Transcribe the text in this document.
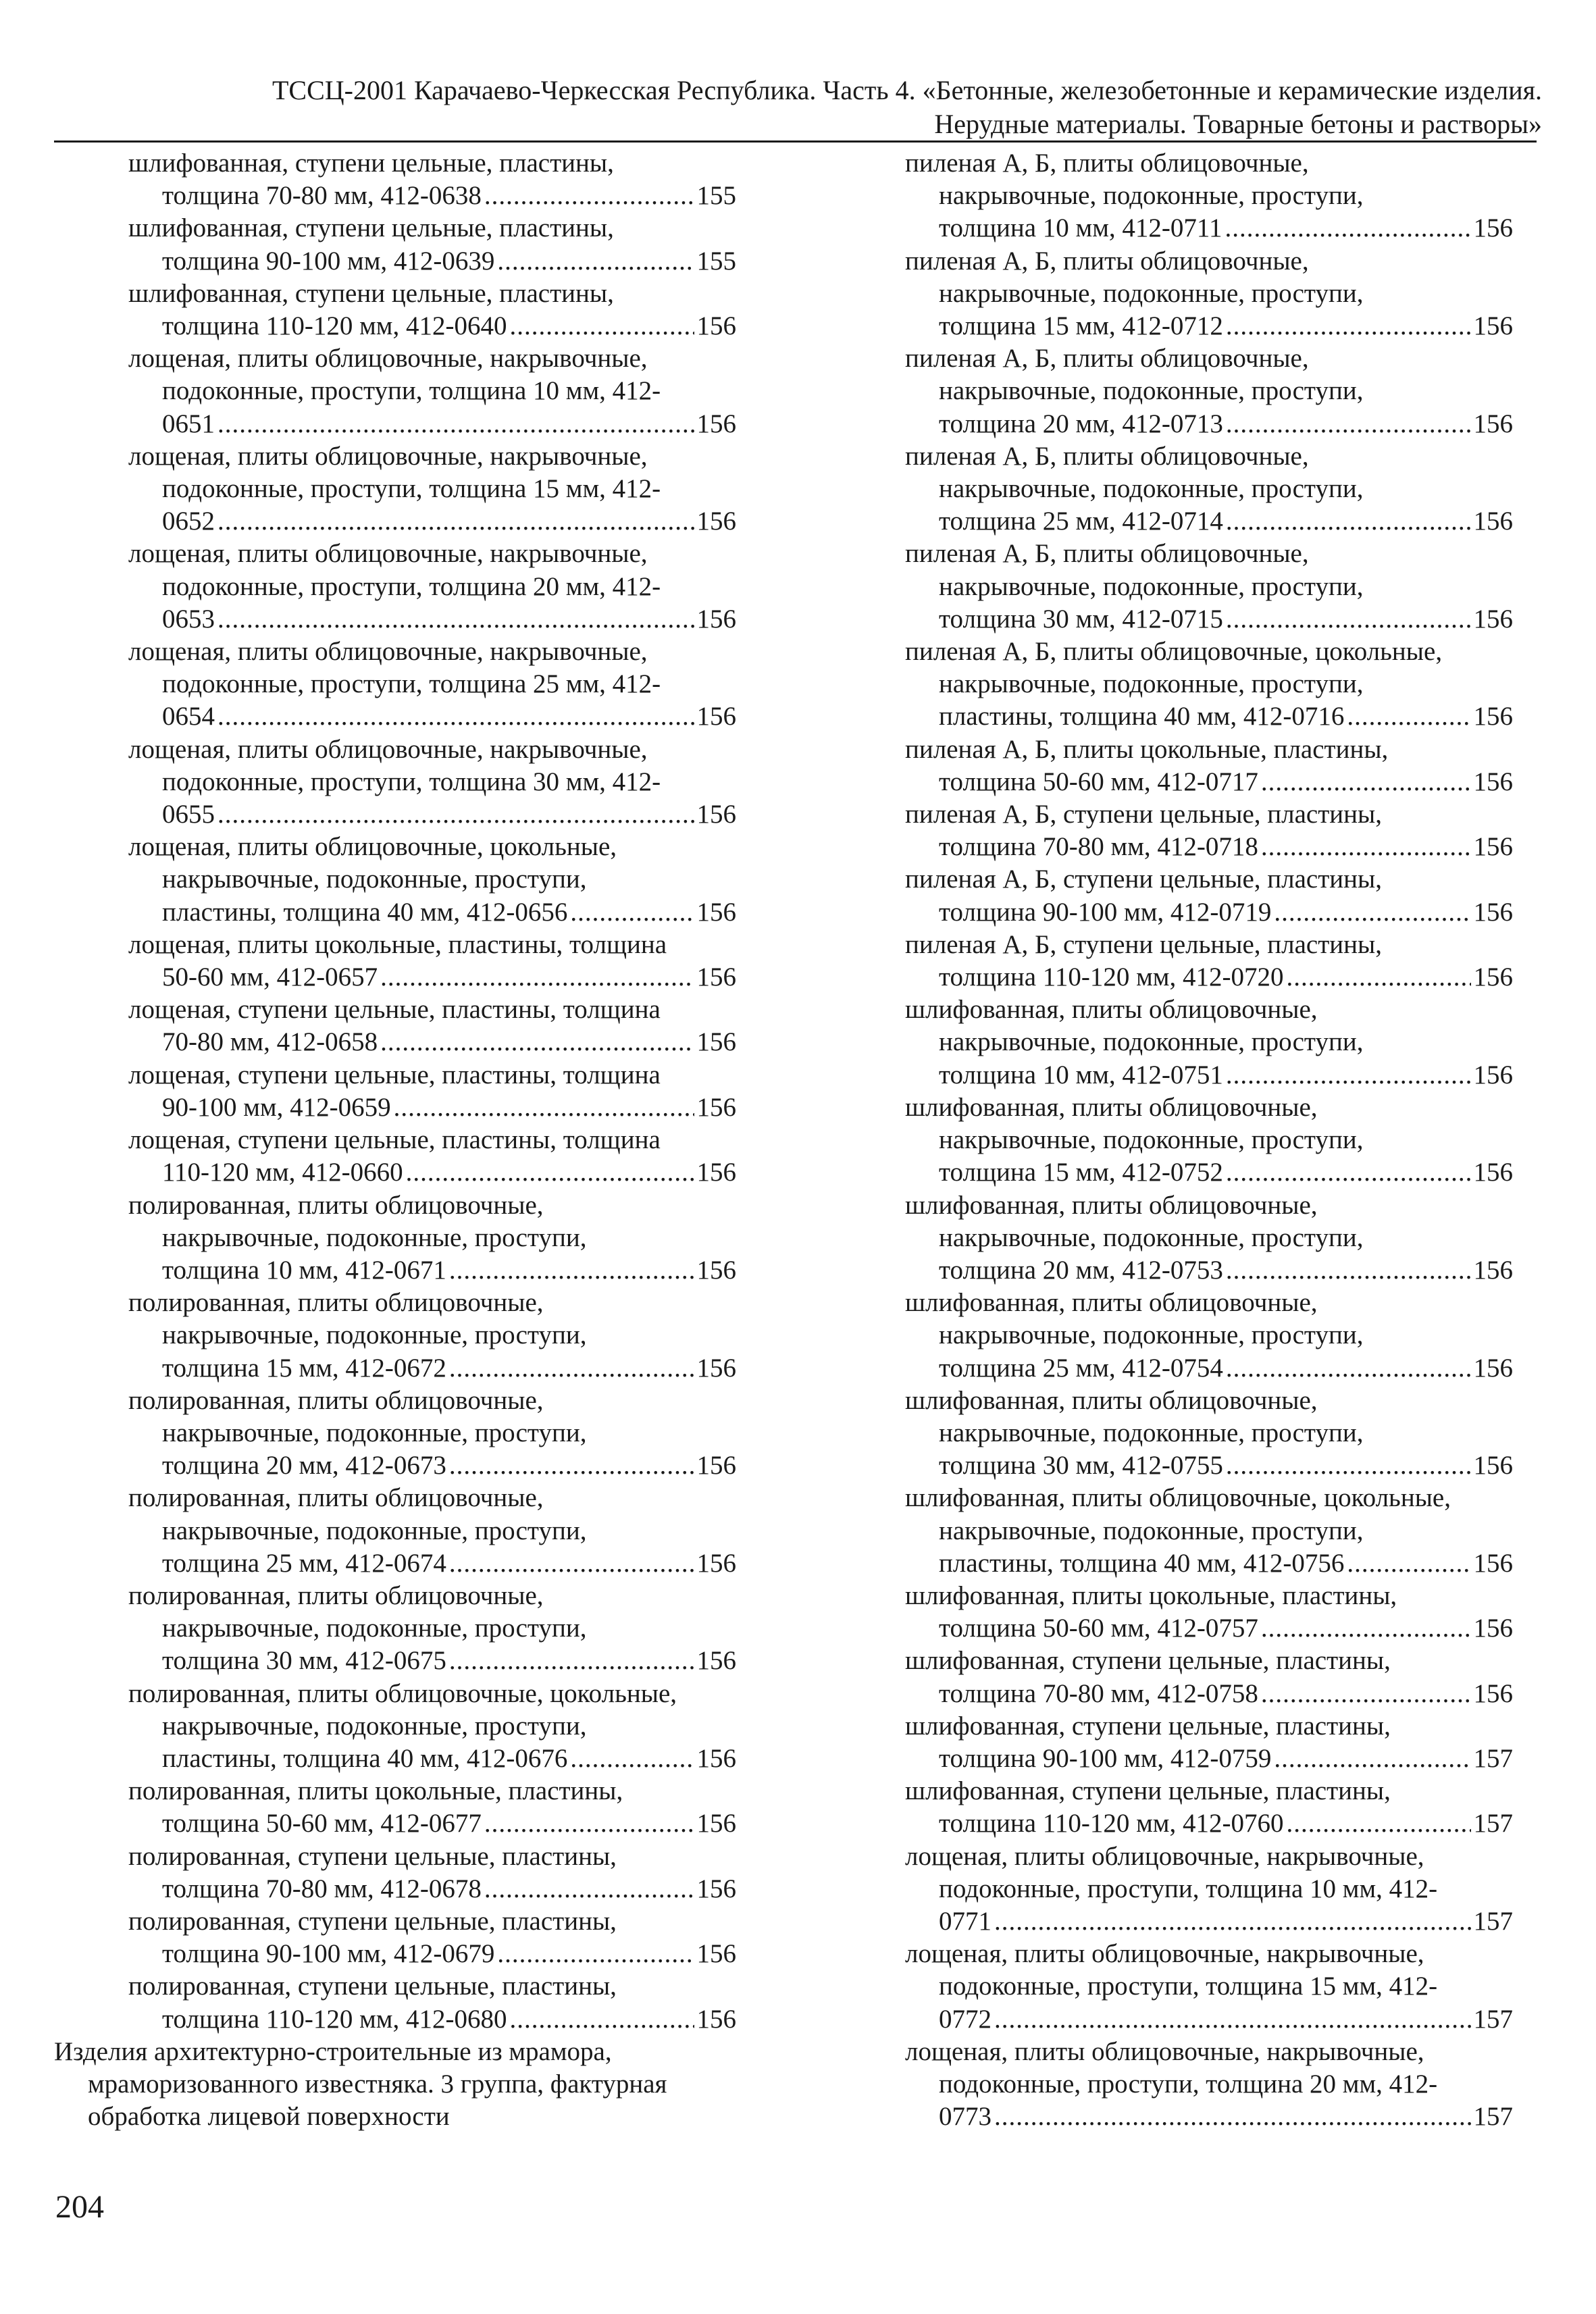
ТССЦ-2001 Карачаево-Черкесская Республика. Часть 4. «Бетонные, железобетонные и керамические изделия.
Нерудные материалы. Товарные бетоны и растворы»
шлифованная, ступени цельные, пластины,
толщина 70-80 мм, 412-0638 .....	155
шлифованная, ступени цельные, пластины,
толщина 90-100 мм, 412-0639 .....	155
шлифованная, ступени цельные, пластины,
толщина 110-120 мм, 412-0640 .....	156
лощеная, плиты облицовочные, накрывочные,
подоконные, проступи, толщина 10 мм, 412-
0651 .....	156
лощеная, плиты облицовочные, накрывочные,
подоконные, проступи, толщина 15 мм, 412-
0652 .....	156
лощеная, плиты облицовочные, накрывочные,
подоконные, проступи, толщина 20 мм, 412-
0653 .....	156
лощеная, плиты облицовочные, накрывочные,
подоконные, проступи, толщина 25 мм, 412-
0654 .....	156
лощеная, плиты облицовочные, накрывочные,
подоконные, проступи, толщина 30 мм, 412-
0655 .....	156
лощеная, плиты облицовочные, цокольные,
накрывочные, подоконные, проступи,
пластины, толщина 40 мм, 412-0656 .....	156
лощеная, плиты цокольные, пластины, толщина
50-60 мм, 412-0657 .....	156
лощеная, ступени цельные, пластины, толщина
70-80 мм, 412-0658 .....	156
лощеная, ступени цельные, пластины, толщина
90-100 мм, 412-0659 .....	156
лощеная, ступени цельные, пластины, толщина
110-120 мм, 412-0660 .....	156
полированная, плиты облицовочные,
накрывочные, подоконные, проступи,
толщина 10 мм, 412-0671 .....	156
полированная, плиты облицовочные,
накрывочные, подоконные, проступи,
толщина 15 мм, 412-0672 .....	156
полированная, плиты облицовочные,
накрывочные, подоконные, проступи,
толщина 20 мм, 412-0673 .....	156
полированная, плиты облицовочные,
накрывочные, подоконные, проступи,
толщина 25 мм, 412-0674 .....	156
полированная, плиты облицовочные,
накрывочные, подоконные, проступи,
толщина 30 мм, 412-0675 .....	156
полированная, плиты облицовочные, цокольные,
накрывочные, подоконные, проступи,
пластины, толщина 40 мм, 412-0676 .....	156
полированная, плиты цокольные, пластины,
толщина 50-60 мм, 412-0677 .....	156
полированная, ступени цельные, пластины,
толщина 70-80 мм, 412-0678 .....	156
полированная, ступени цельные, пластины,
толщина 90-100 мм, 412-0679 .....	156
полированная, ступени цельные, пластины,
толщина 110-120 мм, 412-0680 .....	156
Изделия архитектурно-строительные из мрамора,
мраморизованного известняка. 3 группа, фактурная
обработка лицевой поверхности
пиленая А, Б, плиты облицовочные,
накрывочные, подоконные, проступи,
толщина 10 мм, 412-0711 .....	156
пиленая А, Б, плиты облицовочные,
накрывочные, подоконные, проступи,
толщина 15 мм, 412-0712 .....	156
пиленая А, Б, плиты облицовочные,
накрывочные, подоконные, проступи,
толщина 20 мм, 412-0713 .....	156
пиленая А, Б, плиты облицовочные,
накрывочные, подоконные, проступи,
толщина 25 мм, 412-0714 .....	156
пиленая А, Б, плиты облицовочные,
накрывочные, подоконные, проступи,
толщина 30 мм, 412-0715 .....	156
пиленая А, Б, плиты облицовочные, цокольные,
накрывочные, подоконные, проступи,
пластины, толщина 40 мм, 412-0716 .....	156
пиленая А, Б, плиты цокольные, пластины,
толщина 50-60 мм, 412-0717 .....	156
пиленая А, Б, ступени цельные, пластины,
толщина 70-80 мм, 412-0718 .....	156
пиленая А, Б, ступени цельные, пластины,
толщина 90-100 мм, 412-0719 .....	156
пиленая А, Б, ступени цельные, пластины,
толщина 110-120 мм, 412-0720 .....	156
шлифованная, плиты облицовочные,
накрывочные, подоконные, проступи,
толщина 10 мм, 412-0751 .....	156
шлифованная, плиты облицовочные,
накрывочные, подоконные, проступи,
толщина 15 мм, 412-0752 .....	156
шлифованная, плиты облицовочные,
накрывочные, подоконные, проступи,
толщина 20 мм, 412-0753 .....	156
шлифованная, плиты облицовочные,
накрывочные, подоконные, проступи,
толщина 25 мм, 412-0754 .....	156
шлифованная, плиты облицовочные,
накрывочные, подоконные, проступи,
толщина 30 мм, 412-0755 .....	156
шлифованная, плиты облицовочные, цокольные,
накрывочные, подоконные, проступи,
пластины, толщина 40 мм, 412-0756 .....	156
шлифованная, плиты цокольные, пластины,
толщина 50-60 мм, 412-0757 .....	156
шлифованная, ступени цельные, пластины,
толщина 70-80 мм, 412-0758 .....	156
шлифованная, ступени цельные, пластины,
толщина 90-100 мм, 412-0759 .....	157
шлифованная, ступени цельные, пластины,
толщина 110-120 мм, 412-0760 .....	157
лощеная, плиты облицовочные, накрывочные,
подоконные, проступи, толщина 10 мм, 412-
0771 .....	157
лощеная, плиты облицовочные, накрывочные,
подоконные, проступи, толщина 15 мм, 412-
0772 .....	157
лощеная, плиты облицовочные, накрывочные,
подоконные, проступи, толщина 20 мм, 412-
0773 .....	157
204
